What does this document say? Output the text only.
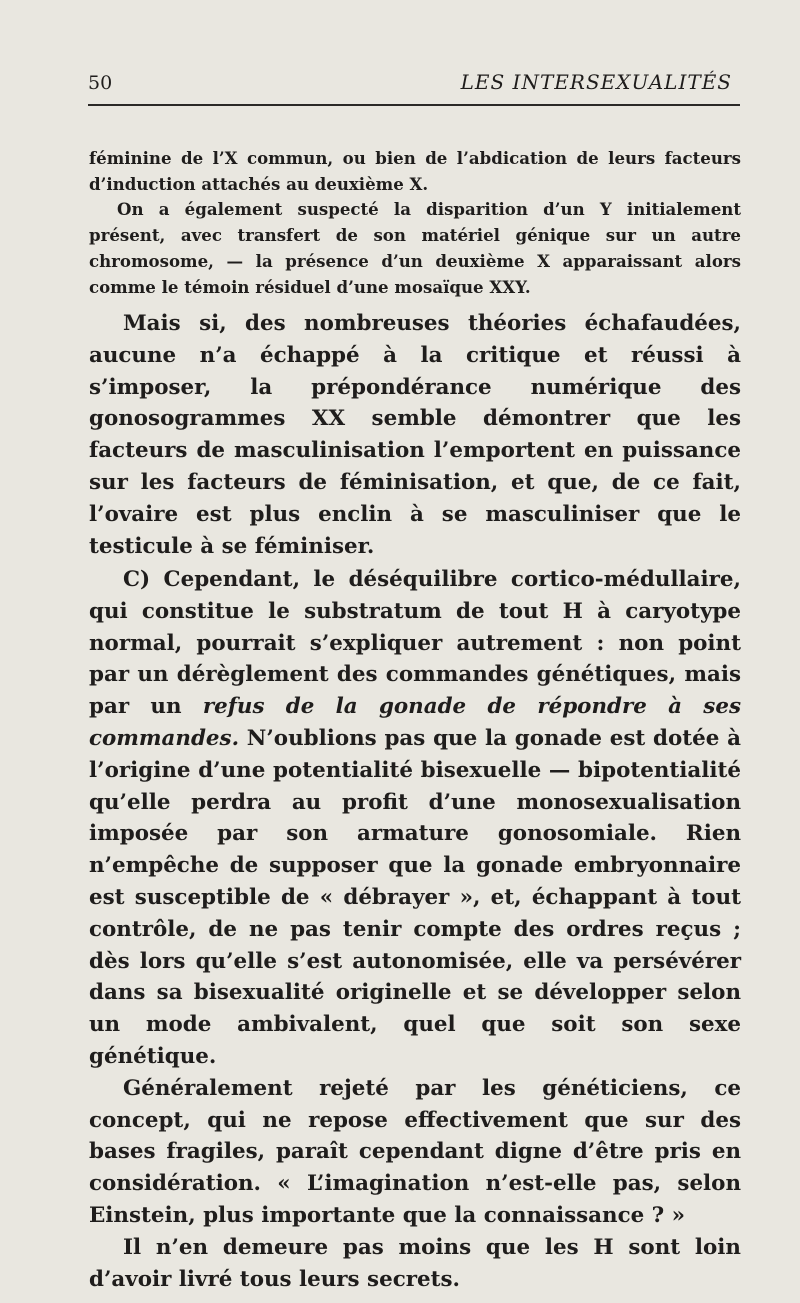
50	LES INTERSEXUALITÉS

féminine de l’X commun, ou bien de l’abdication de leurs facteurs d’induction attachés au deuxième X.

On a également suspecté la disparition d’un Y initialement présent, avec transfert de son matériel génique sur un autre chromosome, — la présence d’un deuxième X apparaissant alors comme le témoin résiduel d’une mosaïque XXY.

Mais si, des nombreuses théories échafaudées, aucune n’a échappé à la critique et réussi à s’imposer, la prépondérance numérique des gonosogrammes XX semble démontrer que les facteurs de masculinisation l’emportent en puissance sur les facteurs de féminisation, et que, de ce fait, l’ovaire est plus enclin à se masculiniser que le testicule à se féminiser.

C) Cependant, le déséquilibre cortico-médullaire, qui constitue le substratum de tout H à caryotype normal, pourrait s’expliquer autrement : non point par un dérèglement des commandes génétiques, mais par un refus de la gonade de répondre à ses commandes. N’oublions pas que la gonade est dotée à l’origine d’une potentialité bisexuelle — bipotentialité qu’elle perdra au profit d’une monosexualisation imposée par son armature gonosomiale. Rien n’empêche de supposer que la gonade embryonnaire est susceptible de « débrayer », et, échappant à tout contrôle, de ne pas tenir compte des ordres reçus ; dès lors qu’elle s’est autonomisée, elle va persévérer dans sa bisexualité originelle et se développer selon un mode ambivalent, quel que soit son sexe génétique.

Généralement rejeté par les généticiens, ce concept, qui ne repose effectivement que sur des bases fragiles, paraît cependant digne d’être pris en considération. « L’imagination n’est-elle pas, selon Einstein, plus importante que la connaissance ? »

Il n’en demeure pas moins que les H sont loin d’avoir livré tous leurs secrets.
